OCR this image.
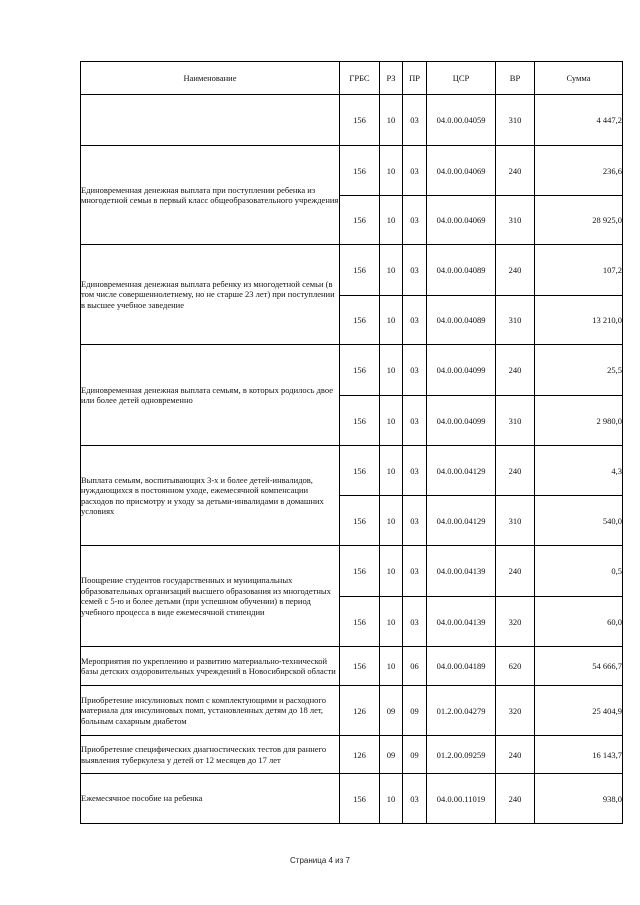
Наименование	ГРБС	РЗ	ПР	ЦСР	ВР	Сумма
	156	10	03	04.0.00.04059	310	4 447,2
Единовременная денежная выплата при поступлении ребенка из многодетной семьи в первый класс общеобразовательного учреждения	156	10	03	04.0.00.04069	240	236,6
	156	10	03	04.0.00.04069	310	28 925,0
Единовременная денежная выплата ребенку из многодетной семьи (в том числе совершеннолетнему, но не старше 23 лет) при поступлении в высшее учебное заведение	156	10	03	04.0.00.04089	240	107,2
	156	10	03	04.0.00.04089	310	13 210,0
Единовременная денежная выплата семьям, в которых родилось двое или более детей одновременно	156	10	03	04.0.00.04099	240	25,5
	156	10	03	04.0.00.04099	310	2 980,0
Выплата семьям, воспитывающих 3-х и более детей-инвалидов, нуждающихся в постоянном уходе, ежемесячной компенсации расходов по присмотру и уходу за детьми-инвалидами в домашних условиях	156	10	03	04.0.00.04129	240	4,3
	156	10	03	04.0.00.04129	310	540,0
Поощрение студентов государственных и муниципальных образовательных организаций высшего образования из многодетных семей с 5-ю и более детьми (при успешном обучении) в период учебного процесса в виде ежемесячной стипендии	156	10	03	04.0.00.04139	240	0,5
	156	10	03	04.0.00.04139	320	60,0
Мероприятия по укреплению и развитию материально-технической базы детских оздоровительных учреждений в Новосибирской области	156	10	06	04.0.00.04189	620	54 666,7
Приобретение инсулиновых помп с комплектующими и расходного материала для инсулиновых помп, установленных детям до 18 лет, больным сахарным диабетом	126	09	09	01.2.00.04279	320	25 404,9
Приобретение специфических диагностических тестов для раннего выявления туберкулеза у детей от 12 месяцев до 17 лет	126	09	09	01.2.00.09259	240	16 143,7
Ежемесячное пособие на ребенка	156	10	03	04.0.00.11019	240	938,0
Страница 4 из 7
